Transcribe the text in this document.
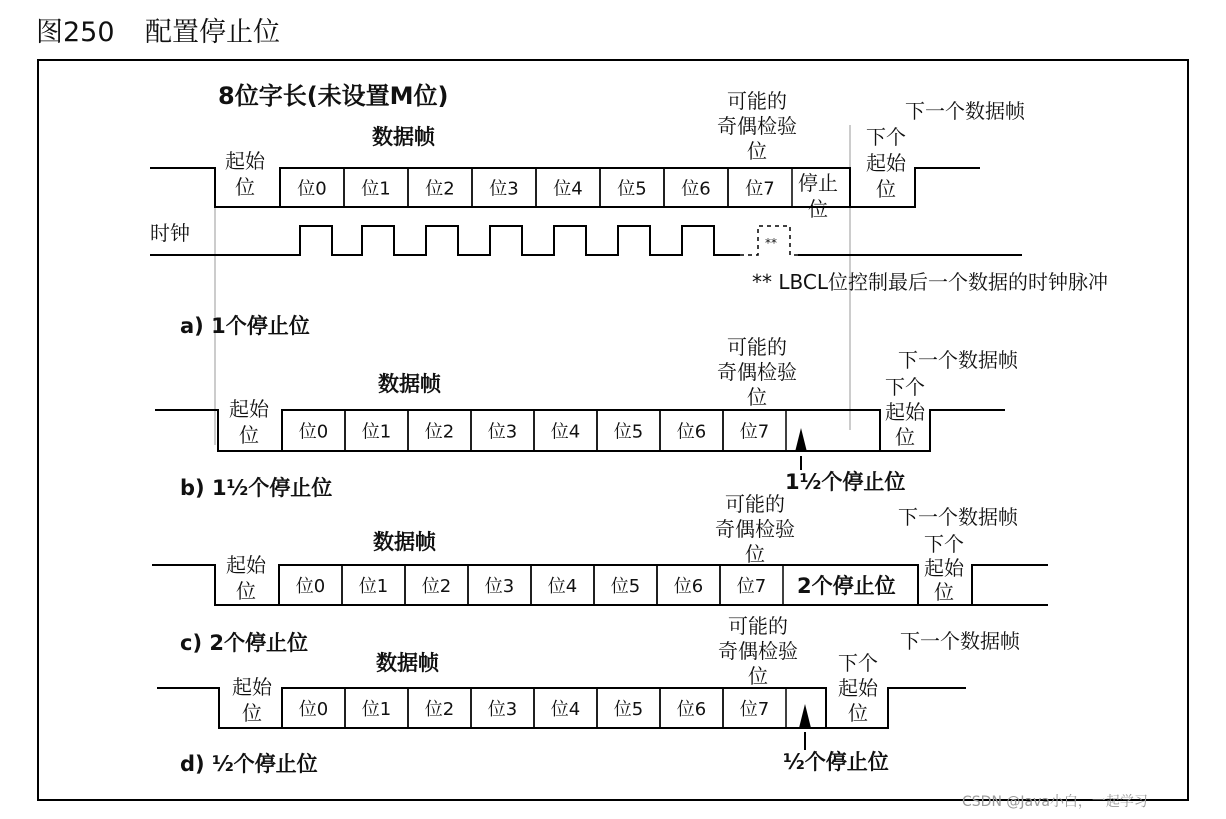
图250 配置停止位
8位字长(未设置M位)
数据帧
可能的
奇偶检验
位
起始
位	停止
位
下一个数据帧
下个
起始
位
位0 位1 位2 位3 位4 位5 位6 位7
时钟	**
** LBCL位控制最后一个数据的时钟脉冲
a) 1个停止位
数据帧
可能的
奇偶检验
位
起始
位
下一个数据帧
下个
起始
位
位0 位1 位2 位3 位4 位5 位6 位7
1½个停止位
b) 1½个停止位
可能的
奇偶检验
位
数据帧
起始
位
下一个数据帧
下个
起始
位
位0 位1 位2 位3 位4 位5 位6 位7 2个停止位
c) 2个停止位
可能的
奇偶检验
位
数据帧
下一个数据帧
下个
起始
位
起始
位 位0 位1 位2 位3 位4 位5 位6 位7
½个停止位
d) ½个停止位
CSDN @Java小白，一起学习
